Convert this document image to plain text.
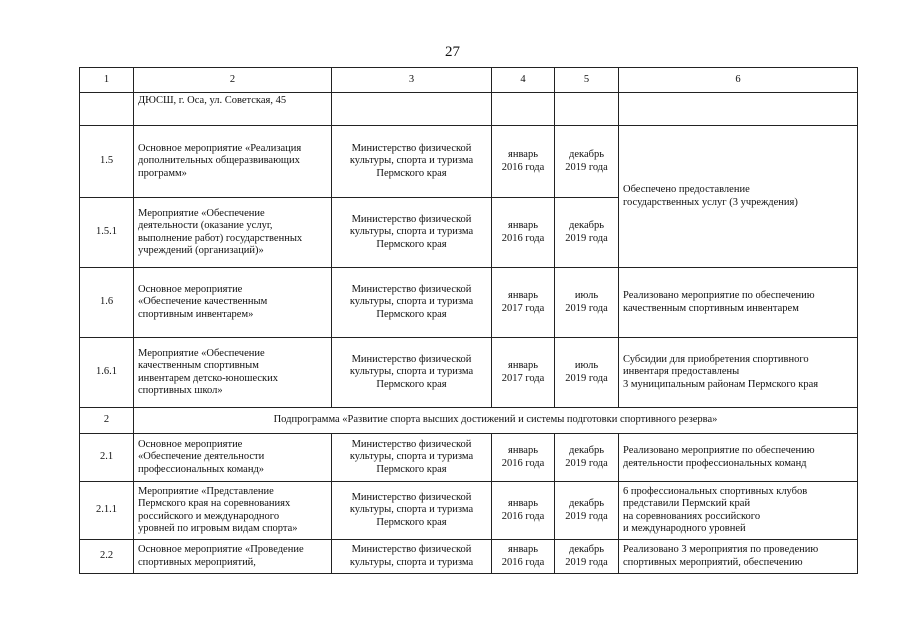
27
1	2	3	4	5	6

	ДЮСШ, г. Оса, ул. Советская, 45				

1.5	Основное мероприятие «Реализация
дополнительных общеразвивающих
программ»	Министерство физической
культуры, спорта и туризма
Пермского края	январь
2016 года	декабрь
2019 года	Обеспечено предоставление
государственных услуг (3 учреждения)

1.5.1	Мероприятие «Обеспечение
деятельности (оказание услуг,
выполнение работ) государственных
учреждений (организаций)»	Министерство физической
культуры, спорта и туризма
Пермского края	январь
2016 года	декабрь
2019 года	

1.6	Основное мероприятие
«Обеспечение качественным
спортивным инвентарем»	Министерство физической
культуры, спорта и туризма
Пермского края	январь
2017 года	июль
2019 года	Реализовано мероприятие по обеспечению
качественным спортивным инвентарем

1.6.1	Мероприятие «Обеспечение
качественным спортивным
инвентарем детско-юношеских
спортивных школ»	Министерство физической
культуры, спорта и туризма
Пермского края	январь
2017 года	июль
2019 года	Субсидии для приобретения спортивного
инвентаря предоставлены
3 муниципальным районам Пермского края

2	Подпрограмма «Развитие спорта высших достижений и системы подготовки спортивного резерва»				
2.1	Основное мероприятие
«Обеспечение деятельности
профессиональных команд»	Министерство физической
культуры, спорта и туризма
Пермского края	январь
2016 года	декабрь
2019 года	Реализовано мероприятие по обеспечению
деятельности профессиональных команд

2.1.1	Мероприятие «Представление
Пермского края на соревнованиях
российского и международного
уровней по игровым видам спорта»	Министерство физической
культуры, спорта и туризма
Пермского края	январь
2016 года	декабрь
2019 года	6 профессиональных спортивных клубов
представили Пермский край
на соревнованиях российского
и международного уровней

2.2	Основное мероприятие «Проведение
спортивных мероприятий,	Министерство физической
культуры, спорта и туризма	январь
2016 года	декабрь
2019 года	Реализовано 3 мероприятия по проведению
спортивных мероприятий, обеспечению
